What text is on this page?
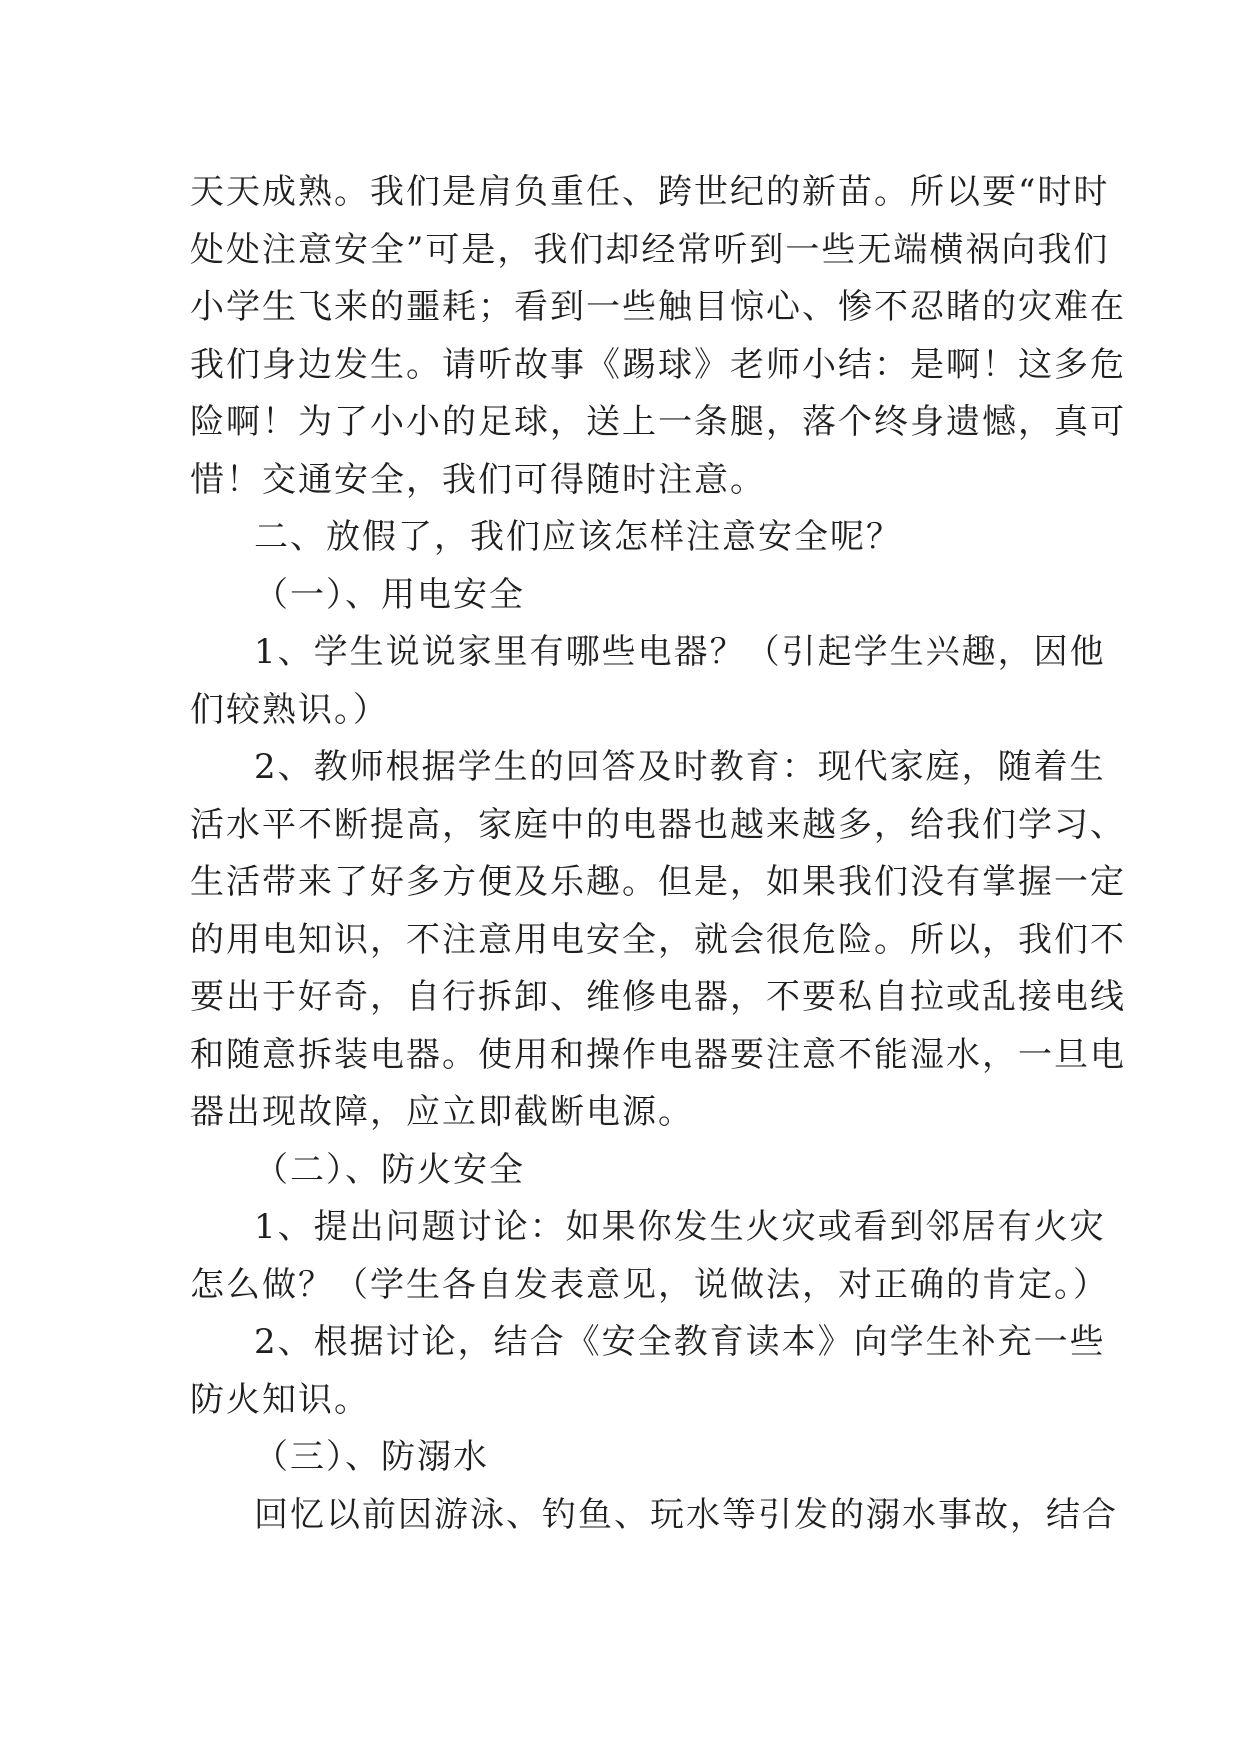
天天成熟。我们是肩负重任、跨世纪的新苗。所以要“时时
处处注意安全”可是，我们却经常听到一些无端横祸向我们
小学生飞来的噩耗；看到一些触目惊心、惨不忍睹的灾难在
我们身边发生。请听故事《踢球》老师小结：是啊！这多危
险啊！为了小小的足球，送上一条腿，落个终身遗憾，真可
惜！交通安全，我们可得随时注意。
二、放假了，我们应该怎样注意安全呢？
（一）、用电安全
1、学生说说家里有哪些电器？（引起学生兴趣，因他
们较熟识。）
2、教师根据学生的回答及时教育：现代家庭，随着生
活水平不断提高，家庭中的电器也越来越多，给我们学习、
生活带来了好多方便及乐趣。但是，如果我们没有掌握一定
的用电知识，不注意用电安全，就会很危险。所以，我们不
要出于好奇，自行拆卸、维修电器，不要私自拉或乱接电线
和随意拆装电器。使用和操作电器要注意不能湿水，一旦电
器出现故障，应立即截断电源。
（二）、防火安全
1、提出问题讨论：如果你发生火灾或看到邻居有火灾
怎么做？（学生各自发表意见，说做法，对正确的肯定。）
2、根据讨论，结合《安全教育读本》向学生补充一些
防火知识。
（三）、防溺水
回忆以前因游泳、钓鱼、玩水等引发的溺水事故，结合
